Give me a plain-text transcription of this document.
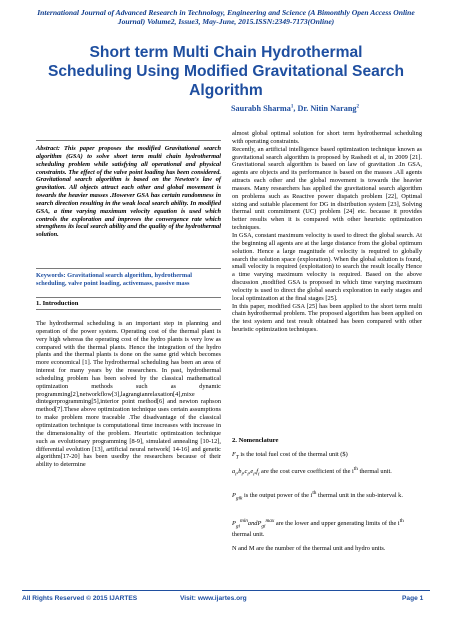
International Journal of Advanced Research in Technology, Engineering and Science (A Bimonthly Open Access Online
Journal) Volume2, Issue3, May-June, 2015.ISSN:2349-7173(Online)
Short term Multi Chain Hydrothermal
Scheduling Using Modified Gravitational Search
Algorithm
Saurabh Sharma$^1$, Dr. Nitin Narang$^2$
Abstract: This paper proposes the modified Gravitational search algorithm (GSA) to solve short term multi chain hydrothermal scheduling problem while satisfying all operational and physical constraints. The effect of the valve point loading has been considered. Gravitational search algorithm is based on the Newton's law of gravitation. All objects attract each other and global movement is towards the heavier masses .However GSA has certain randomness in search direction resulting in the weak local search ability. In modified GSA, a time varying maximum velocity equation is used which controls the exploration and improves the convergence rate which strengthens its local search ability and the quality of the hydrothermal solution.
Keywords: Gravitational search algorithm, hydrothermal scheduling, valve point loading, activemass, passive mass
1. Introduction
The hydrothermal scheduling is an important step in planning and operation of the power system. Operating cost of the thermal plant is very high whereas the operating cost of the hydro plants is very low as compared with the thermal plants. Hence the integration of the hydro plants and the thermal plants is done on the same grid which becomes more economical [1]. The hydrothermal scheduling has been an area of interest for many years by the researchers. In past, hydrothermal scheduling problem has been solved by the classical mathematical optimization methods such as dynamic programming[2],networkflow[3],lagrangianrelaxation[4],mixe dintegerprogramming[5],interior point method[6] and newton raphson method[7].These above optimization technique uses certain assumptions to make problem more traceable .The disadvantage of the classical optimization technique is computational time increases with increase in the dimensionality of the problem. Heuristic optimization technique such as evolutionary programming [8-9], simulated annealing [10-12], differential evolution [13], artificial neural network[ 14-16] and genetic algorithm[17-20] has been usedby the researchers because of their ability to determine

almost global optimal solution for short term hydrothermal scheduling with operating constraints.

Recently, an artificial intelligence based optimization technique known as gravitational search algorithm is proposed by Rashedi et al, in 2009 [21]. Gravitational search algorithm is based on law of gravitation .In GSA, agents are objects and its performance is based on the masses .All agents attracts each other and the global movement is towards the heavier masses. Many researchers has applied the gravitational search algorithm on problems such as Reactive power dispatch problem [22], Optimal sizing and suitable placement for DG in distribution system [23], Solving thermal unit commitment (UC) problem [24] etc. because it provides better results when it is compared with other heuristic optimization techniques.

In GSA, constant maximum velocity is used to direct the global search. At the beginning all agents are at the large distance from the global optimum solution. Hence a large magnitude of velocity is required to globally search the solution space (exploration). When the global solution is found, small velocity is required (exploitation) to search the result locally Hence a time varying maximum velocity is required. Based on the above discussion ,modified GSA is proposed in which time varying maximum velocity is used to direct the global search exploration in early stages and local optimization at the final stages [25].

In this paper, modified GSA [25] has been applied to the short term multi chain hydrothermal problem. The proposed algorithm has been applied on the test system and test result obtained has been compared with other heuristic optimization techniques.

2. Nomenclature
$F_T$ is the total fuel cost of the thermal unit ($)
$a_i,b_i,c_i,e_i,f_i$ are the cost curve coefficient of the $i^{th}$ thermal unit.
$P_{gik}$ is the output power of the $i^{th}$ thermal unit in the sub-interval k.
$P_{gi}^{min}andP_{gi}^{max}$ are the lower and upper generating limits of the $i^{th}$ thermal unit.
N and M are the number of the thermal unit and hydro units.
All Rights Reserved © 2015 IJARTES	Visit: www.ijartes.org	Page 1
